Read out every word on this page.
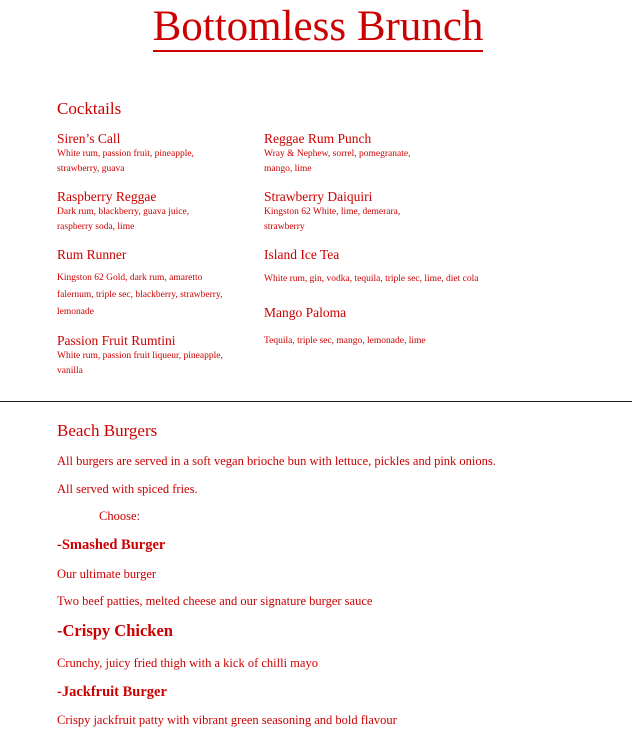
Bottomless Brunch
Cocktails
Siren’s Call
White rum, passion fruit, pineapple,
strawberry, guava
Raspberry Reggae
Dark rum, blackberry, guava juice,
raspberry soda, lime
Rum Runner
Kingston 62 Gold, dark rum, amaretto
falernum, triple sec, blackberry, strawberry,
lemonade
Passion Fruit Rumtini
White rum, passion fruit liqueur, pineapple,
vanilla
Reggae Rum Punch
Wray & Nephew, sorrel, pomegranate,
mango, lime
Strawberry Daiquiri
Kingston 62 White, lime, demerara,
strawberry
Island Ice Tea
White rum, gin, vodka, tequila, triple sec, lime, diet cola
Mango Paloma
Tequila, triple sec, mango, lemonade, lime
Beach Burgers
All burgers are served in a soft vegan brioche bun with lettuce, pickles and pink onions.
All served with spiced fries.
Choose:
-Smashed Burger
Our ultimate burger
Two beef patties, melted cheese and our signature burger sauce
-Crispy Chicken
Crunchy, juicy fried thigh with a kick of chilli mayo
-Jackfruit Burger
Crispy jackfruit patty with vibrant green seasoning and bold flavour
